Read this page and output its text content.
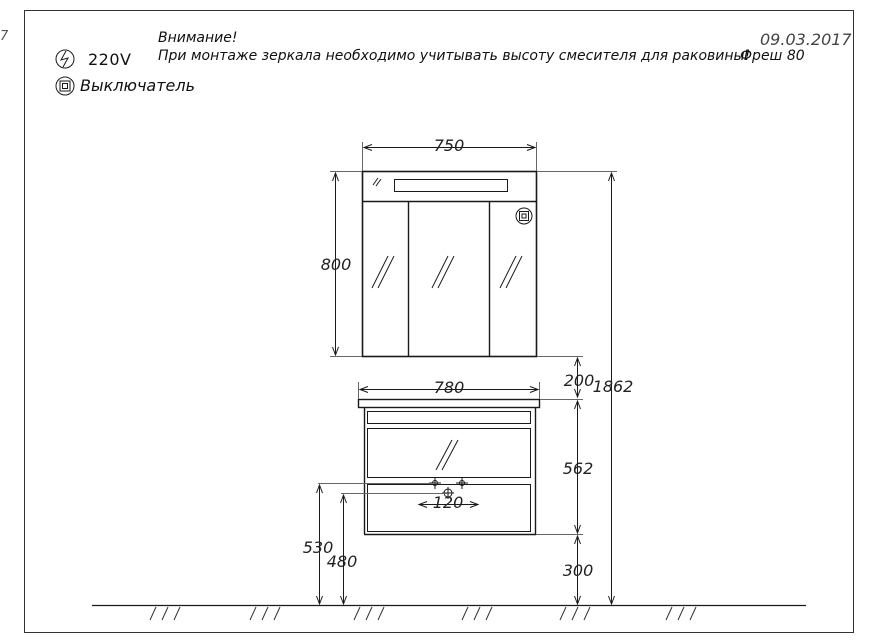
7	Внимание!
При монтаже зеркала необходимо учитывать высоту смесителя для раковины!
09.03.2017
Фреш 80
220V
Выключатель
750
800
780	200
1862
562
300
120
530
480
